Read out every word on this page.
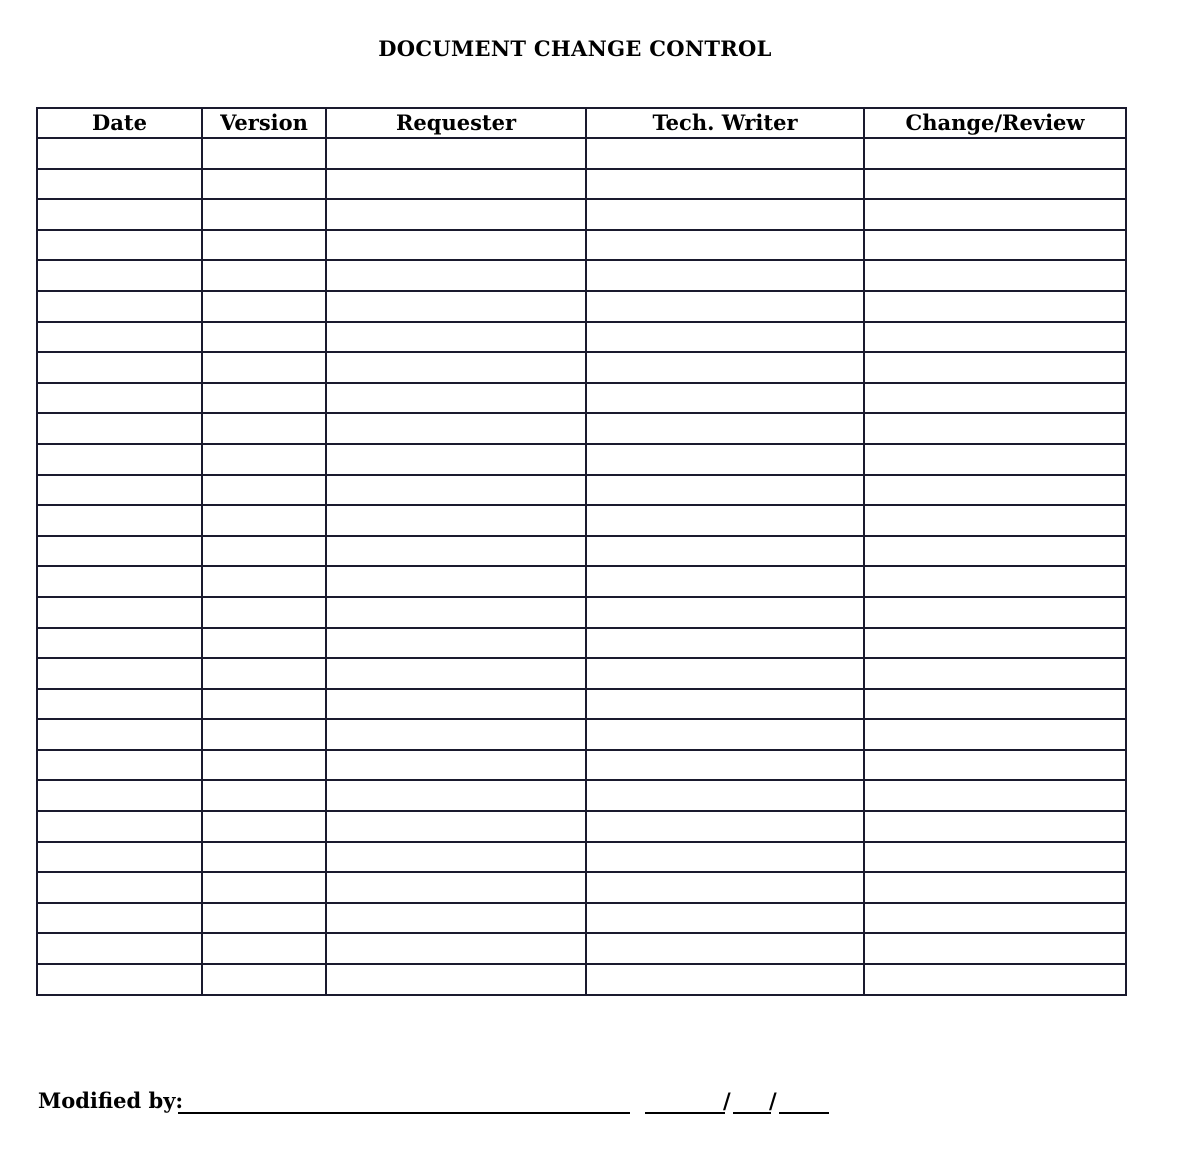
DOCUMENT CHANGE CONTROL
Date	Version	Requester	Tech. Writer	Change/Review

Modified by:	/ /
